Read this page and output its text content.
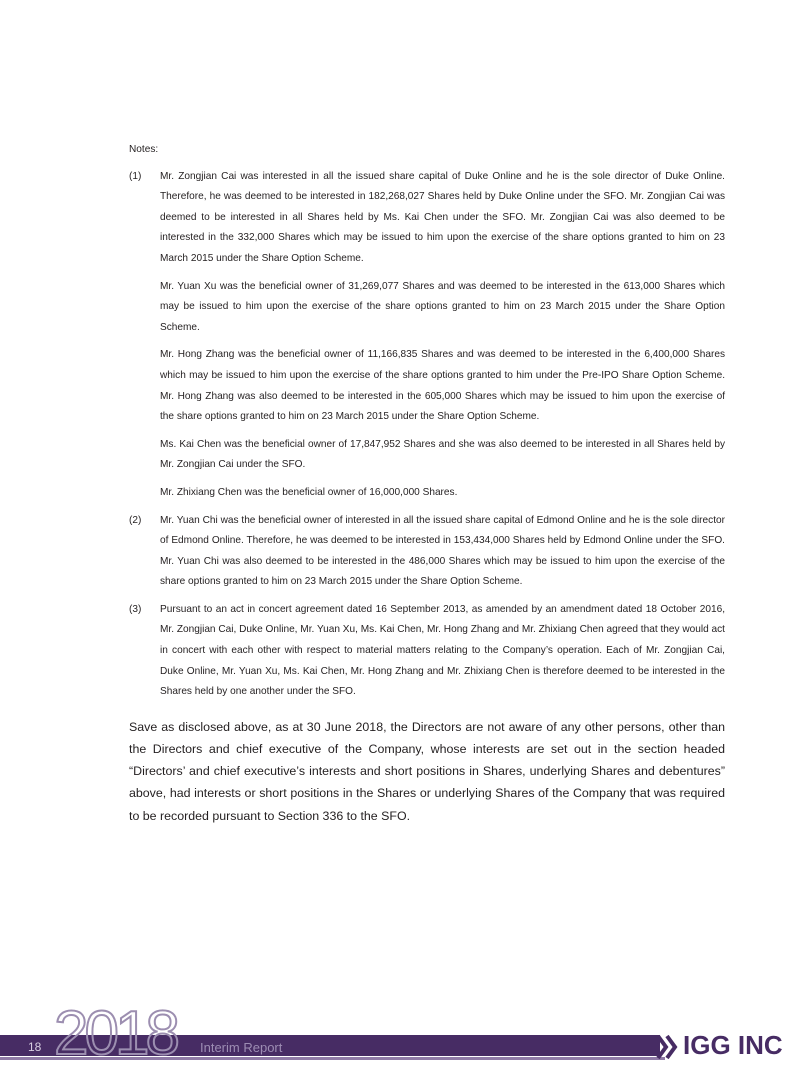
Notes:

(1)	Mr. Zongjian Cai was interested in all the issued share capital of Duke Online and he is the sole director of Duke Online. Therefore, he was deemed to be interested in 182,268,027 Shares held by Duke Online under the SFO. Mr. Zongjian Cai was deemed to be interested in all Shares held by Ms. Kai Chen under the SFO. Mr. Zongjian Cai was also deemed to be interested in the 332,000 Shares which may be issued to him upon the exercise of the share options granted to him on 23 March 2015 under the Share Option Scheme.

Mr. Yuan Xu was the beneficial owner of 31,269,077 Shares and was deemed to be interested in the 613,000 Shares which may be issued to him upon the exercise of the share options granted to him on 23 March 2015 under the Share Option Scheme.

Mr. Hong Zhang was the beneficial owner of 11,166,835 Shares and was deemed to be interested in the 6,400,000 Shares which may be issued to him upon the exercise of the share options granted to him under the Pre-IPO Share Option Scheme. Mr. Hong Zhang was also deemed to be interested in the 605,000 Shares which may be issued to him upon the exercise of the share options granted to him on 23 March 2015 under the Share Option Scheme.

Ms. Kai Chen was the beneficial owner of 17,847,952 Shares and she was also deemed to be interested in all Shares held by Mr. Zongjian Cai under the SFO.

Mr. Zhixiang Chen was the beneficial owner of 16,000,000 Shares.

(2)	Mr. Yuan Chi was the beneficial owner of interested in all the issued share capital of Edmond Online and he is the sole director of Edmond Online. Therefore, he was deemed to be interested in 153,434,000 Shares held by Edmond Online under the SFO. Mr. Yuan Chi was also deemed to be interested in the 486,000 Shares which may be issued to him upon the exercise of the share options granted to him on 23 March 2015 under the Share Option Scheme.

(3)	Pursuant to an act in concert agreement dated 16 September 2013, as amended by an amendment dated 18 October 2016, Mr. Zongjian Cai, Duke Online, Mr. Yuan Xu, Ms. Kai Chen, Mr. Hong Zhang and Mr. Zhixiang Chen agreed that they would act in concert with each other with respect to material matters relating to the Company’s operation. Each of Mr. Zongjian Cai, Duke Online, Mr. Yuan Xu, Ms. Kai Chen, Mr. Hong Zhang and Mr. Zhixiang Chen is therefore deemed to be interested in the Shares held by one another under the SFO.

Save as disclosed above, as at 30 June 2018, the Directors are not aware of any other persons, other than the Directors and chief executive of the Company, whose interests are set out in the section headed “Directors’ and chief executive’s interests and short positions in Shares, underlying Shares and debentures” above, had interests or short positions in the Shares or underlying Shares of the Company that was required to be recorded pursuant to Section 336 to the SFO.

2018
18	Interim Report	IGG INC
